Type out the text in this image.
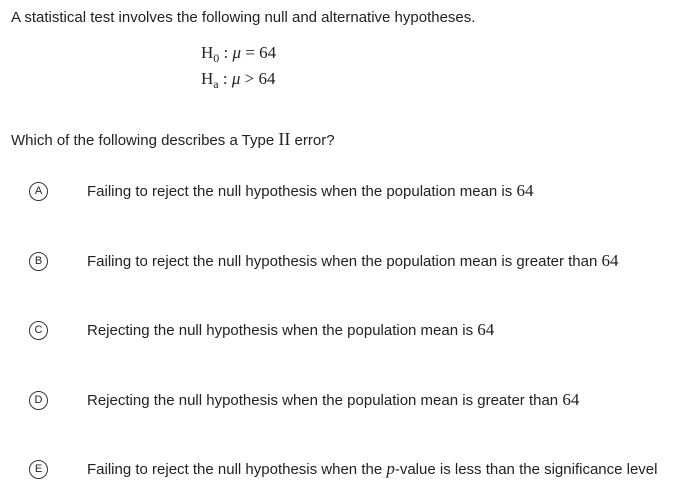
A statistical test involves the following null and alternative hypotheses.
$H_0$ : μ = 64
$H_a$ : μ > 64
Which of the following describes a Type II error?
A	Failing to reject the null hypothesis when the population mean is 64
B	Failing to reject the null hypothesis when the population mean is greater than 64
C	Rejecting the null hypothesis when the population mean is 64
D	Rejecting the null hypothesis when the population mean is greater than 64
E	Failing to reject the null hypothesis when the p-value is less than the significance level
